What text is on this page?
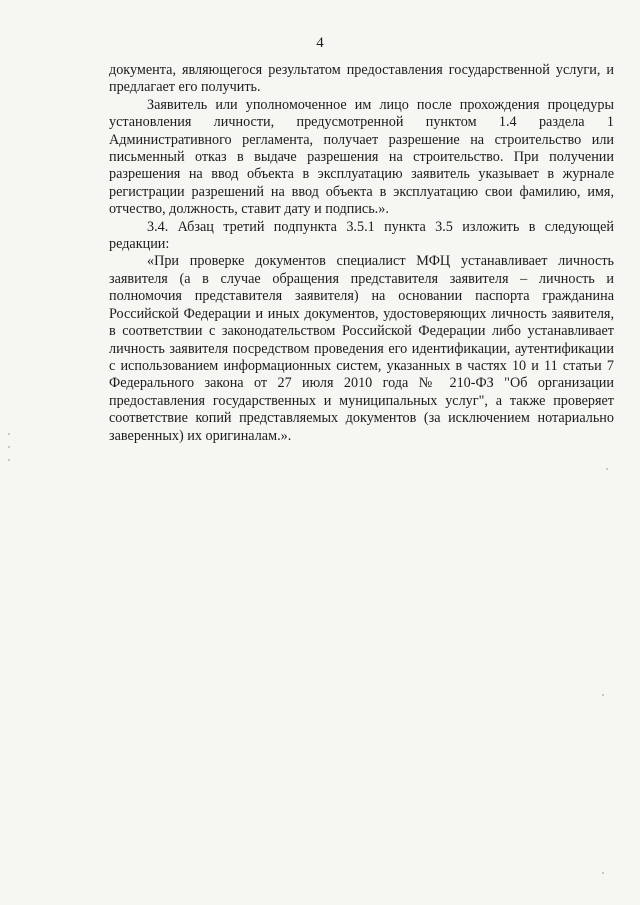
4

документа, являющегося результатом предоставления государственной услуги, и предлагает его получить.

Заявитель или уполномоченное им лицо после прохождения процедуры установления личности, предусмотренной пунктом 1.4 раздела 1 Административного регламента, получает разрешение на строительство или письменный отказ в выдаче разрешения на строительство. При получении разрешения на ввод объекта в эксплуатацию заявитель указывает в журнале регистрации разрешений на ввод объекта в эксплуатацию свои фамилию, имя, отчество, должность, ставит дату и подпись.».

3.4. Абзац третий подпункта 3.5.1 пункта 3.5 изложить в следующей редакции:

«При проверке документов специалист МФЦ устанавливает личность заявителя (а в случае обращения представителя заявителя – личность и полномочия представителя заявителя) на основании паспорта гражданина Российской Федерации и иных документов, удостоверяющих личность заявителя, в соответствии с законодательством Российской Федерации либо устанавливает личность заявителя посредством проведения его идентификации, аутентификации с использованием информационных систем, указанных в частях 10 и 11 статьи 7 Федерального закона от 27 июля 2010 года № 210-ФЗ "Об организации предоставления государственных и муниципальных услуг", а также проверяет соответствие копий представляемых документов (за исключением нотариально заверенных) их оригиналам.».
